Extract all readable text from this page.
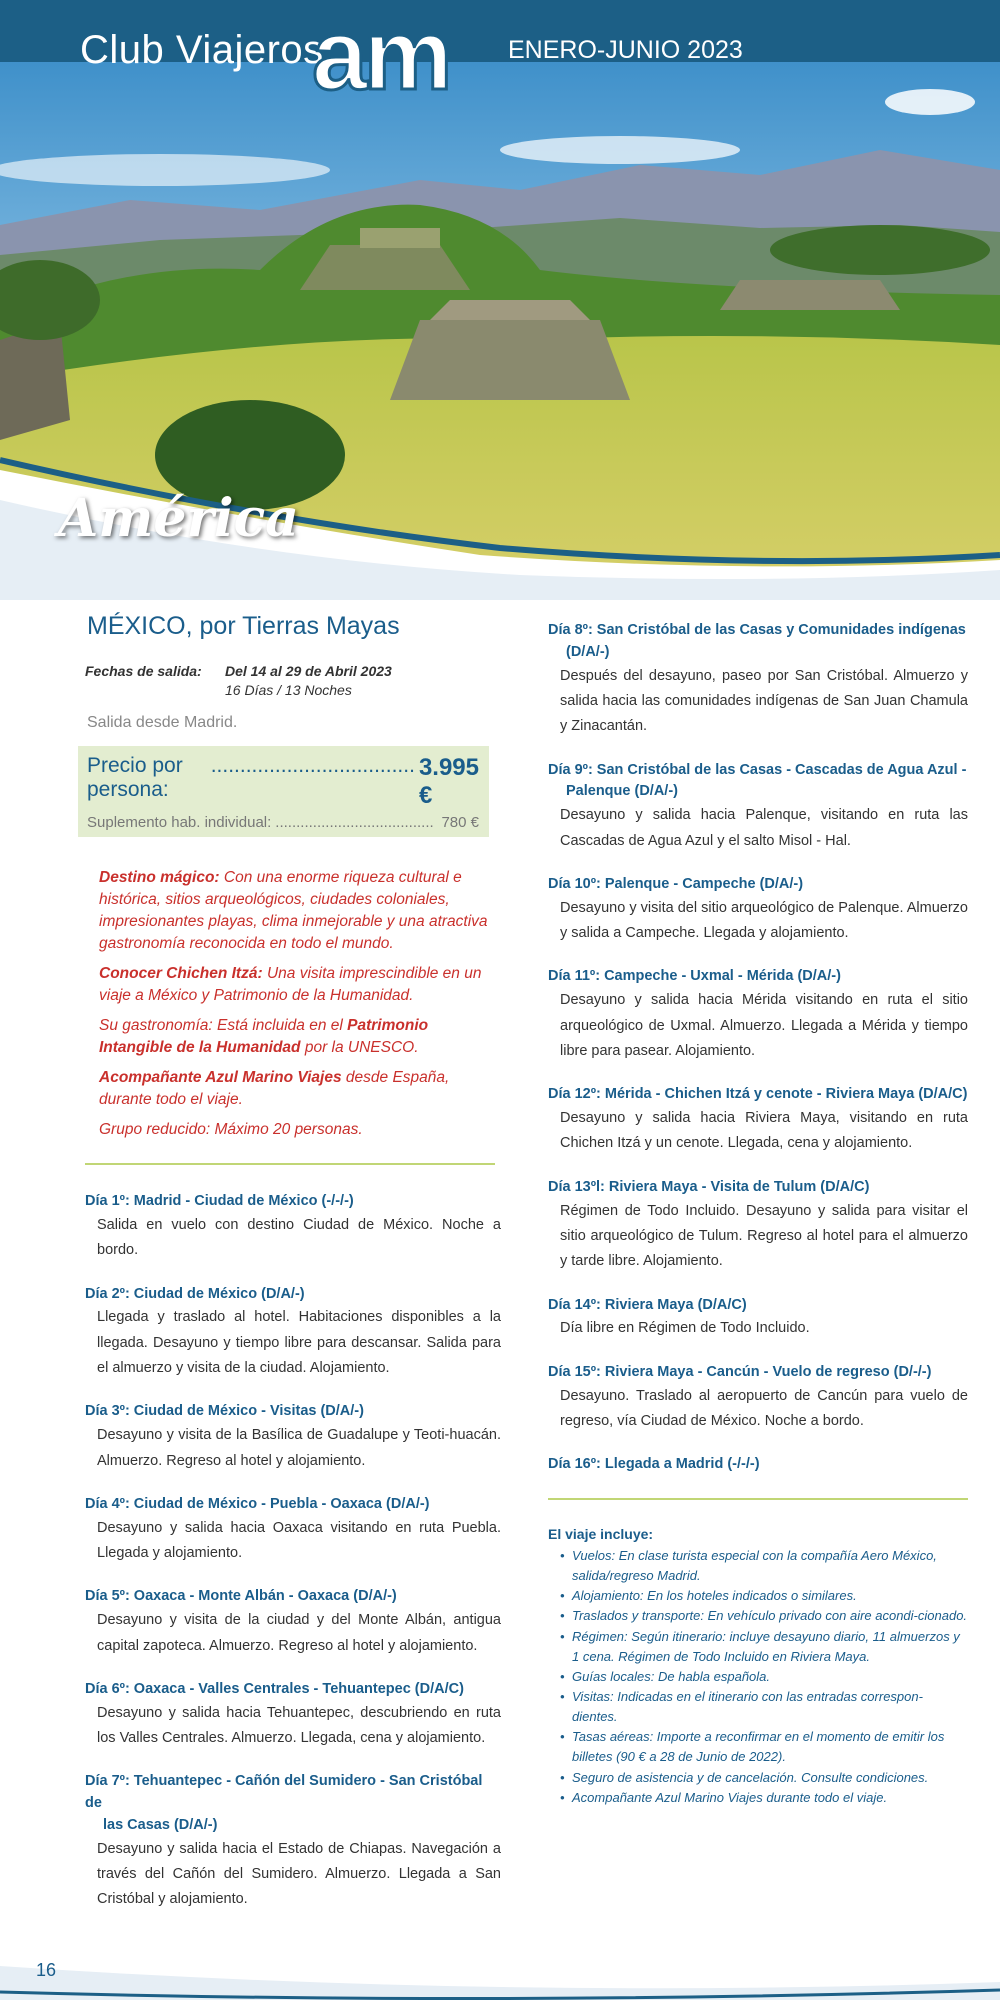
Club Viajeros
am ENERO-JUNIO 2023
América
MÉXICO, por Tierras Mayas
Fechas de salida:	Del 14 al 29 de Abril 2023
16 Días / 13 Noches
Salida desde Madrid.
Precio por persona:
................................... 3.995 €
Suplemento hab. individual: ...................................... 780 €

Destino mágico: Con una enorme riqueza cultural e histórica, sitios arqueológicos, ciudades coloniales, impresionantes playas, clima inmejorable y una atractiva gastronomía reconocida en todo el mundo.

Conocer Chichen Itzá: Una visita imprescindible en un viaje a México y Patrimonio de la Humanidad.

Su gastronomía: Está incluida en el Patrimonio Intangible de la Humanidad por la UNESCO.

Acompañante Azul Marino Viajes desde España, durante todo el viaje.

Grupo reducido: Máximo 20 personas.

Día 1º: Madrid - Ciudad de México (-/-/-)
Salida en vuelo con destino Ciudad de México. Noche a bordo.
Día 2º: Ciudad de México (D/A/-)
Llegada y traslado al hotel. Habitaciones disponibles a la llegada. Desayuno y tiempo libre para descansar. Salida para el almuerzo y visita de la ciudad. Alojamiento.
Día 3º: Ciudad de México - Visitas (D/A/-)
Desayuno y visita de la Basílica de Guadalupe y Teoti-huacán. Almuerzo. Regreso al hotel y alojamiento.
Día 4º: Ciudad de México - Puebla - Oaxaca (D/A/-)
Desayuno y salida hacia Oaxaca visitando en ruta Puebla. Llegada y alojamiento.
Día 5º: Oaxaca - Monte Albán - Oaxaca (D/A/-)
Desayuno y visita de la ciudad y del Monte Albán, antigua capital zapoteca. Almuerzo. Regreso al hotel y alojamiento.
Día 6º: Oaxaca - Valles Centrales - Tehuantepec (D/A/C)
Desayuno y salida hacia Tehuantepec, descubriendo en ruta los Valles Centrales. Almuerzo. Llegada, cena y alojamiento.
Día 7º: Tehuantepec - Cañón del Sumidero - San Cristóbal de
las Casas (D/A/-)
Desayuno y salida hacia el Estado de Chiapas. Navegación a través del Cañón del Sumidero. Almuerzo. Llegada a San Cristóbal y alojamiento.
Día 8º: San Cristóbal de las Casas y Comunidades indígenas
(D/A/-)
Después del desayuno, paseo por San Cristóbal. Almuerzo y salida hacia las comunidades indígenas de San Juan Chamula y Zinacantán.
Día 9º: San Cristóbal de las Casas - Cascadas de Agua Azul -
Palenque (D/A/-)
Desayuno y salida hacia Palenque, visitando en ruta las Cascadas de Agua Azul y el salto Misol - Hal.
Día 10º: Palenque - Campeche (D/A/-)
Desayuno y visita del sitio arqueológico de Palenque. Almuerzo y salida a Campeche. Llegada y alojamiento.
Día 11º: Campeche - Uxmal - Mérida (D/A/-)
Desayuno y salida hacia Mérida visitando en ruta el sitio arqueológico de Uxmal. Almuerzo. Llegada a Mérida y tiempo libre para pasear. Alojamiento.
Día 12º: Mérida - Chichen Itzá y cenote - Riviera Maya (D/A/C)
Desayuno y salida hacia Riviera Maya, visitando en ruta Chichen Itzá y un cenote. Llegada, cena y alojamiento.
Día 13ºl: Riviera Maya - Visita de Tulum (D/A/C)
Régimen de Todo Incluido. Desayuno y salida para visitar el sitio arqueológico de Tulum. Regreso al hotel para el almuerzo y tarde libre. Alojamiento.
Día 14º: Riviera Maya (D/A/C)
Día libre en Régimen de Todo Incluido.
Día 15º: Riviera Maya - Cancún - Vuelo de regreso (D/-/-)
Desayuno. Traslado al aeropuerto de Cancún para vuelo de regreso, vía Ciudad de México. Noche a bordo.
Día 16º: Llegada a Madrid (-/-/-)
El viaje incluye:
• Vuelos: En clase turista especial con la compañía Aero México, salida/regreso Madrid.
• Alojamiento: En los hoteles indicados o similares.
• Traslados y transporte: En vehículo privado con aire acondi-cionado.
• Régimen: Según itinerario: incluye desayuno diario, 11 almuerzos y 1 cena. Régimen de Todo Incluido en Riviera Maya.
• Guías locales: De habla española.
• Visitas: Indicadas en el itinerario con las entradas correspon-dientes.
• Tasas aéreas: Importe a reconfirmar en el momento de emitir los billetes (90 € a 28 de Junio de 2022).
• Seguro de asistencia y de cancelación. Consulte condiciones.
• Acompañante Azul Marino Viajes durante todo el viaje.
16
